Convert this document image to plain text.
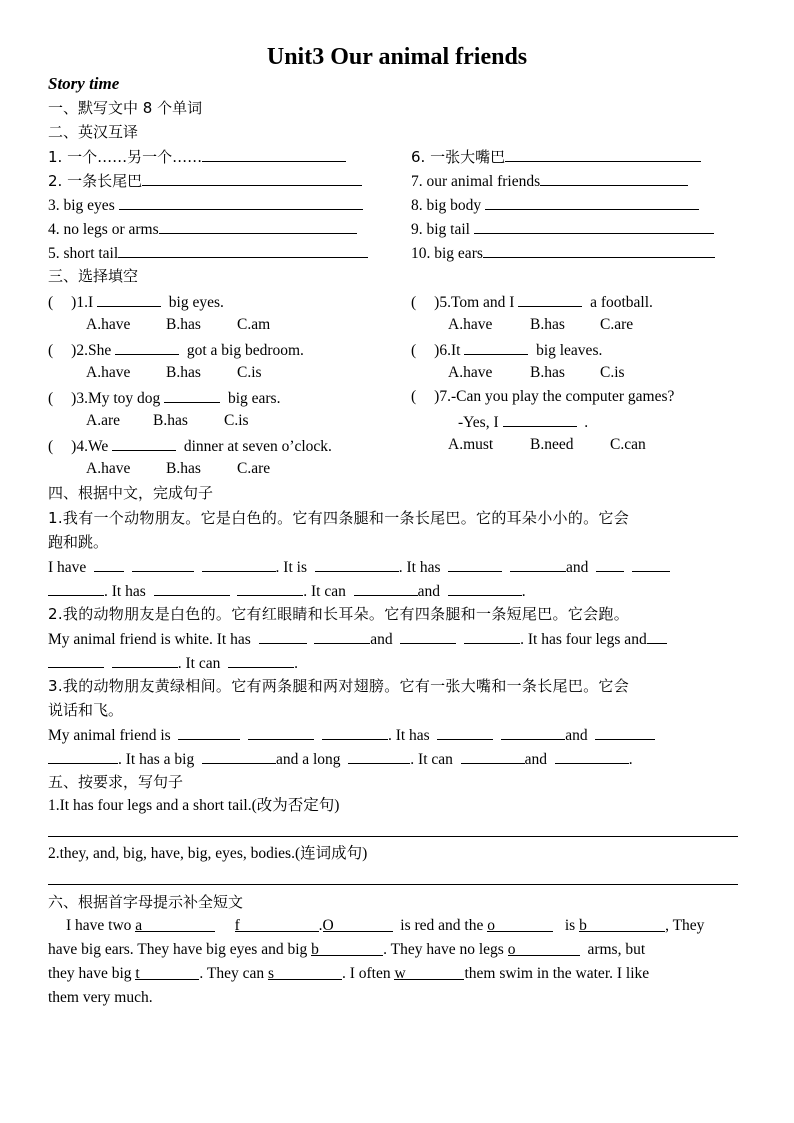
Unit3 Our animal friends
Story time
一、默写文中 8 个单词
二、英汉互译
1. 一个……另一个……
2. 一条长尾巴
3. big eyes
4. no legs or arms
5. short tail
6. 一张大嘴巴
7. our animal friends
8. big body
9. big tail
10. big ears
三、选择填空
( )1.I	big eyes.
A.have B.has C.am
( )2.She	got a big bedroom.
A.have B.has C.is
( )3.My toy dog	big ears.
A.are B.has C.is
( )4.We	dinner at seven o’clock.
A.have B.has C.are
( )5.Tom and I	a football.
A.have B.has C.are
( )6.It	big leaves.
A.have B.has C.is
( )7.-Can you play the computer games?
-Yes, I	.
A.must B.need C.can
四、根据中文，完成句子
1.我有一个动物朋友。它是白色的。它有四条腿和一条长尾巴。它的耳朵小小的。它会
跑和跳。
I have	. It is	. It has	and
. It has	. It can	and	.
2.我的动物朋友是白色的。它有红眼睛和长耳朵。它有四条腿和一条短尾巴。它会跑。
My animal friend is white. It has	and	. It has four legs and
. It can	.
3.我的动物朋友黄绿相间。它有两条腿和两对翅膀。它有一张大嘴和一条长尾巴。它会
说话和飞。
My animal friend is	. It has	and
. It has a big	and a long	. It can	and	.
五、按要求，写句子
1.It has four legs and a short tail.(改为否定句)
2.they, and, big, have, big, eyes, bodies.(连词成句)
六、根据首字母提示补全短文
I have two a	f	.O	is red and the o	is b	, They
have big ears. They have big eyes and big b	. They have no legs o	arms, but
they have big t	. They can s	. I often w	them swim in the water. I like
them very much.
